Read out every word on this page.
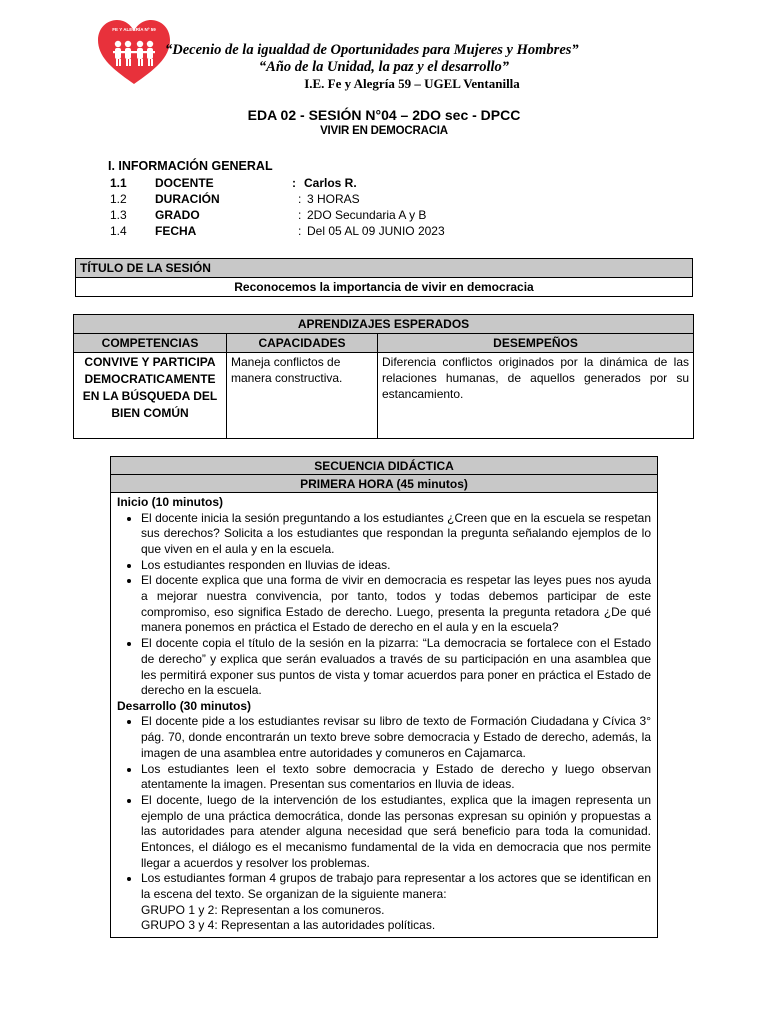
FE Y ALEGRÍA Nº 59
“Decenio de la igualdad de Oportunidades para Mujeres y Hombres”
“Año de la Unidad, la paz y el desarrollo”
I.E. Fe y Alegría 59 – UGEL Ventanilla
EDA 02 - SESIÓN N°04 – 2DO sec - DPCC
VIVIR EN DEMOCRACIA
I. INFORMACIÓN GENERAL
1.1 DOCENTE	: Carlos R.
1.2 DURACIÓN	: 3 HORAS
1.3 GRADO	: 2DO Secundaria A y B
1.4 FECHA	: Del 05 AL 09 JUNIO 2023
TÍTULO DE LA SESIÓN
Reconocemos la importancia de vivir en democracia
APRENDIZAJES ESPERADOS		
COMPETENCIAS	CAPACIDADES	DESEMPEÑOS
CONVIVE Y PARTICIPA DEMOCRATICAMENTE EN LA BÚSQUEDA DEL BIEN COMÚN	Maneja conflictos de manera constructiva.	Diferencia conflictos originados por la dinámica de las relaciones humanas, de aquellos generados por su estancamiento.
SECUENCIA DIDÁCTICA
PRIMERA HORA (45 minutos)

Inicio (10 minutos)
• El docente inicia la sesión preguntando a los estudiantes ¿Creen que en la escuela se respetan sus derechos? Solicita a los estudiantes que respondan la pregunta señalando ejemplos de lo que viven en el aula y en la escuela.
• Los estudiantes responden en lluvias de ideas.
• El docente explica que una forma de vivir en democracia es respetar las leyes pues nos ayuda a mejorar nuestra convivencia, por tanto, todos y todas debemos participar de este compromiso, eso significa Estado de derecho. Luego, presenta la pregunta retadora ¿De qué manera ponemos en práctica el Estado de derecho en el aula y en la escuela?
• El docente copia el título de la sesión en la pizarra: “La democracia se fortalece con el Estado de derecho” y explica que serán evaluados a través de su participación en una asamblea que les permitirá exponer sus puntos de vista y tomar acuerdos para poner en práctica el Estado de derecho en la escuela.
Desarrollo (30 minutos)
• El docente pide a los estudiantes revisar su libro de texto de Formación Ciudadana y Cívica 3° pág. 70, donde encontrarán un texto breve sobre democracia y Estado de derecho, además, la imagen de una asamblea entre autoridades y comuneros en Cajamarca.
• Los estudiantes leen el texto sobre democracia y Estado de derecho y luego observan atentamente la imagen. Presentan sus comentarios en lluvia de ideas.
• El docente, luego de la intervención de los estudiantes, explica que la imagen representa un ejemplo de una práctica democrática, donde las personas expresan su opinión y propuestas a las autoridades para atender alguna necesidad que será beneficio para toda la comunidad. Entonces, el diálogo es el mecanismo fundamental de la vida en democracia que nos permite llegar a acuerdos y resolver los problemas.
• Los estudiantes forman 4 grupos de trabajo para representar a los actores que se identifican en la escena del texto. Se organizan de la siguiente manera:
GRUPO 1 y 2: Representan a los comuneros.
GRUPO 3 y 4: Representan a las autoridades políticas.
